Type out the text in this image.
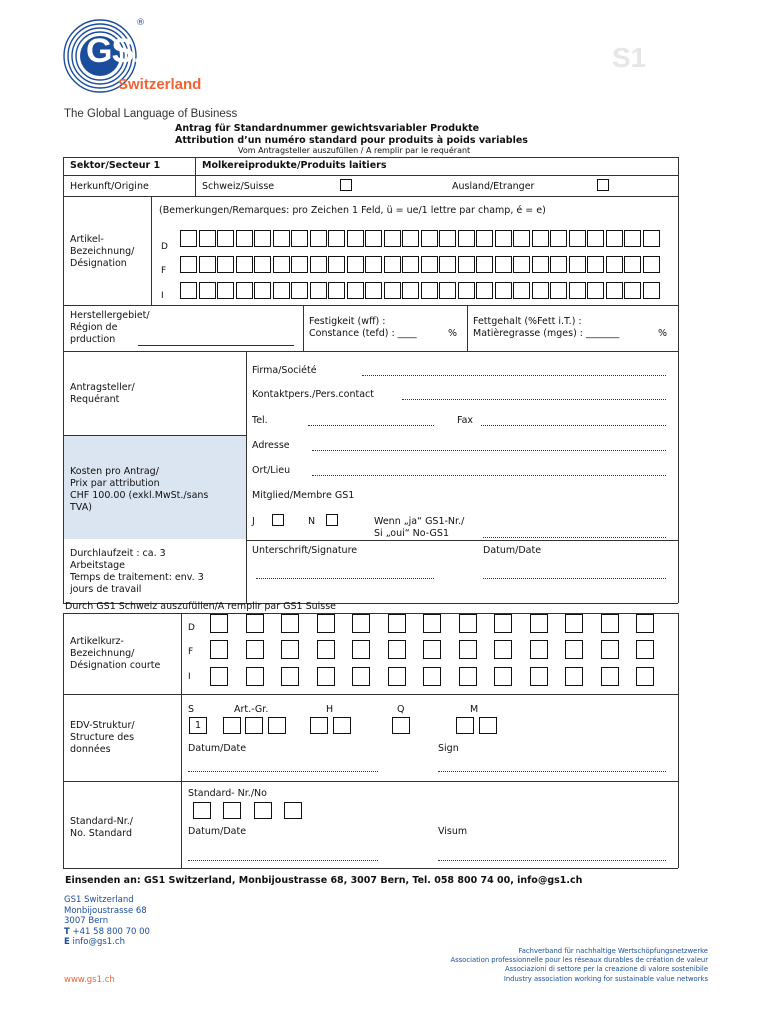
GS1
®
Switzerland
The Global Language of Business
S1
Antrag für Standardnummer gewichtsvariabler Produkte
Attribution d’un numéro standard pour produits à poids variables
Vom Antragsteller auszufüllen / A remplir par le requérant
Sektor/Secteur 1	Molkereiprodukte/Produits laitiers
Herkunft/Origine	Schweiz/Suisse	Ausland/Etranger
(Bemerkungen/Remarques: pro Zeichen 1 Feld, ü = ue/1 lettre par champ, é = e)
Artikel-
Bezeichnung/
Désignation
D
F
I
Herstellergebiet/
Région de
prduction
Festigkeit (wff) :
Constance (tefd) : ____	%
Fettgehalt (%Fett i.T.) :
Matièregrasse (mges) : _______	%
Antragsteller/
Requérant
Firma/Société
Kontaktpers./Pers.contact
Tel.	Fax
Adresse
Ort/Lieu
Kosten pro Antrag/
Prix par attribution
CHF 100.00 (exkl.MwSt./sans
TVA)
Mitglied/Membre GS1
J	N	Wenn „ja“ GS1-Nr./
Si „oui“ No-GS1
Durchlaufzeit : ca. 3
Arbeitstage
Temps de traitement: env. 3
jours de travail
Unterschrift/Signature	Datum/Date
Durch GS1 Schweiz auszufüllen/A remplir par GS1 Suisse
Artikelkurz-
Bezeichnung/
Désignation courte
D
F
I
EDV-Struktur/
Structure des
données
S	Art.-Gr.	H	Q	M
1
Datum/Date	Sign
Standard-Nr./
No. Standard
Standard- Nr./No
Datum/Date	Visum
Einsenden an: GS1 Switzerland, Monbijoustrasse 68, 3007 Bern, Tel. 058 800 74 00, info@gs1.ch
GS1 Switzerland
Monbijoustrasse 68
3007 Bern
T +41 58 800 70 00
E info@gs1.ch
www.gs1.ch
Fachverband für nachhaltige Wertschöpfungsnetzwerke
Association professionnelle pour les réseaux durables de création de valeur
Associazioni di settore per la creazione di valore sostenibile
Industry association working for sustainable value networks
